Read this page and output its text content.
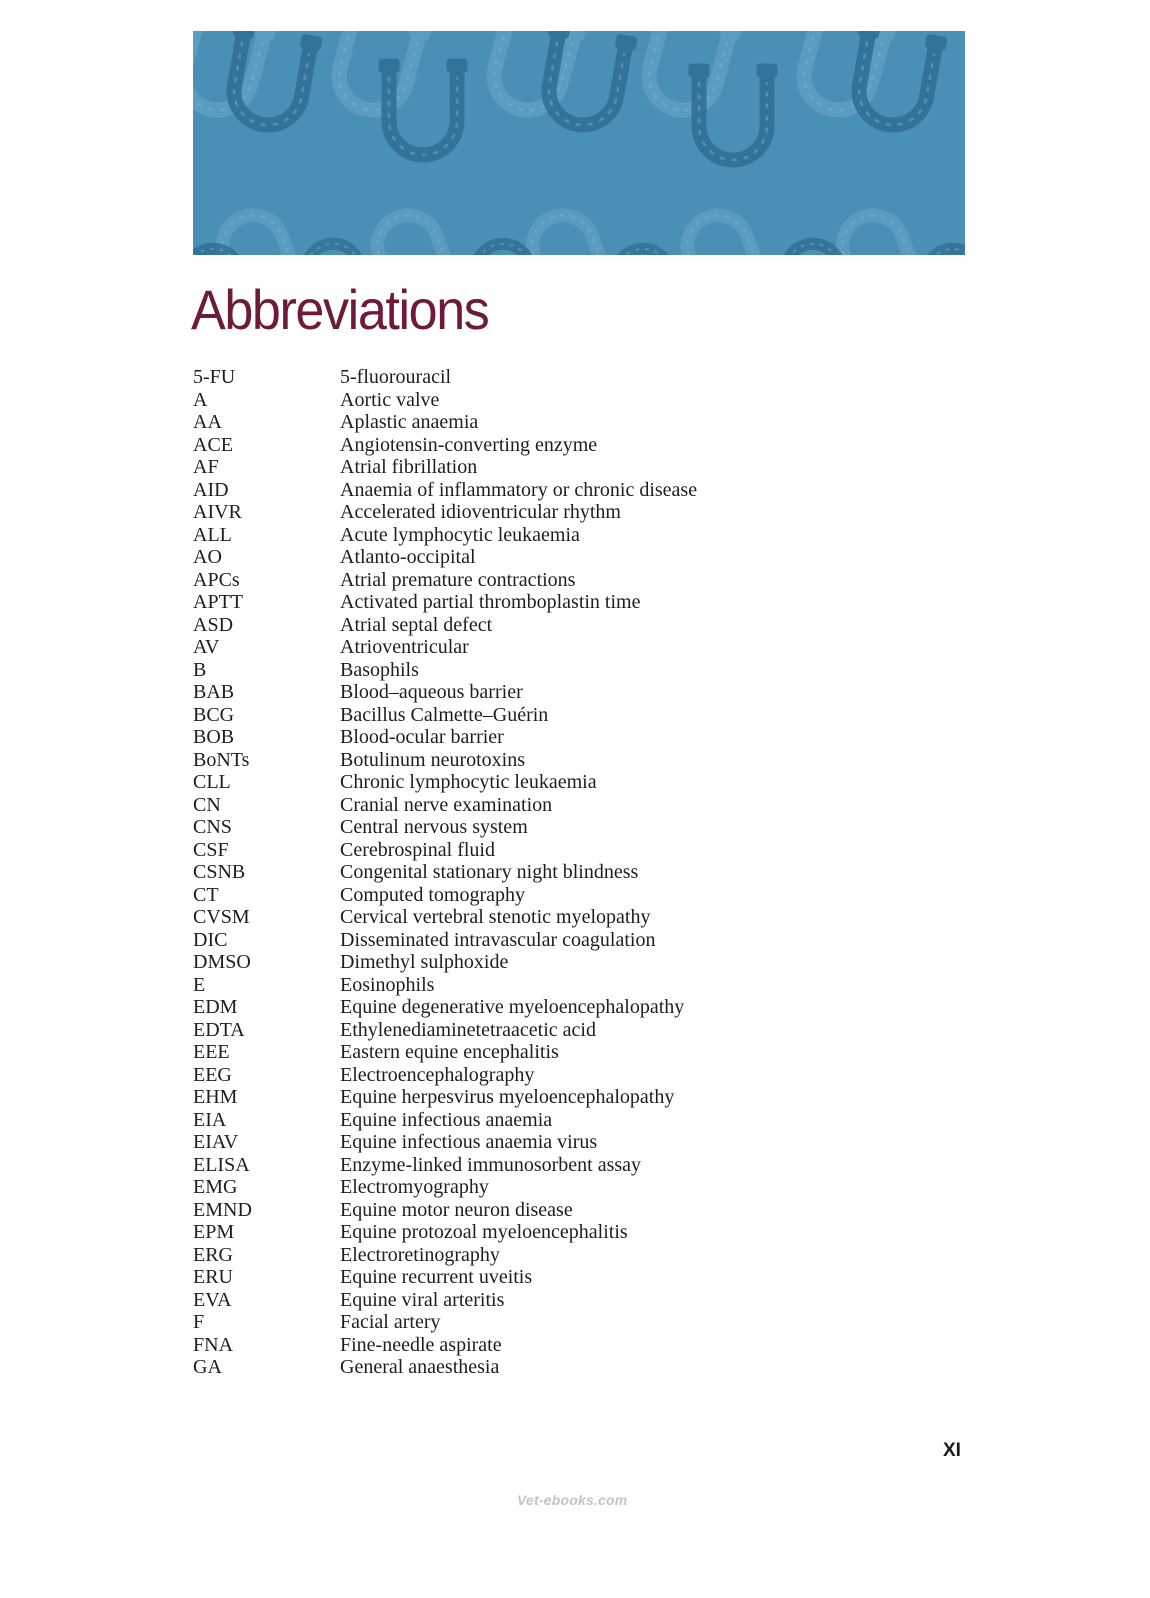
Abbreviations
5-FU	5-fluorouracil
A	Aortic valve
AA	Aplastic anaemia
ACE	Angiotensin-converting enzyme
AF	Atrial fibrillation
AID	Anaemia of inflammatory or chronic disease
AIVR	Accelerated idioventricular rhythm
ALL	Acute lymphocytic leukaemia
AO	Atlanto-occipital
APCs	Atrial premature contractions
APTT	Activated partial thromboplastin time
ASD	Atrial septal defect
AV	Atrioventricular
B	Basophils
BAB	Blood–aqueous barrier
BCG	Bacillus Calmette–Guérin
BOB	Blood-ocular barrier
BoNTs	Botulinum neurotoxins
CLL	Chronic lymphocytic leukaemia
CN	Cranial nerve examination
CNS	Central nervous system
CSF	Cerebrospinal fluid
CSNB	Congenital stationary night blindness
CT	Computed tomography
CVSM	Cervical vertebral stenotic myelopathy
DIC	Disseminated intravascular coagulation
DMSO	Dimethyl sulphoxide
E	Eosinophils
EDM	Equine degenerative myeloencephalopathy
EDTA	Ethylenediaminetetraacetic acid
EEE	Eastern equine encephalitis
EEG	Electroencephalography
EHM	Equine herpesvirus myeloencephalopathy
EIA	Equine infectious anaemia
EIAV	Equine infectious anaemia virus
ELISA	Enzyme-linked immunosorbent assay
EMG	Electromyography
EMND	Equine motor neuron disease
EPM	Equine protozoal myeloencephalitis
ERG	Electroretinography
ERU	Equine recurrent uveitis
EVA	Equine viral arteritis
F	Facial artery
FNA	Fine-needle aspirate
GA	General anaesthesia
XI
Vet-ebooks.com
